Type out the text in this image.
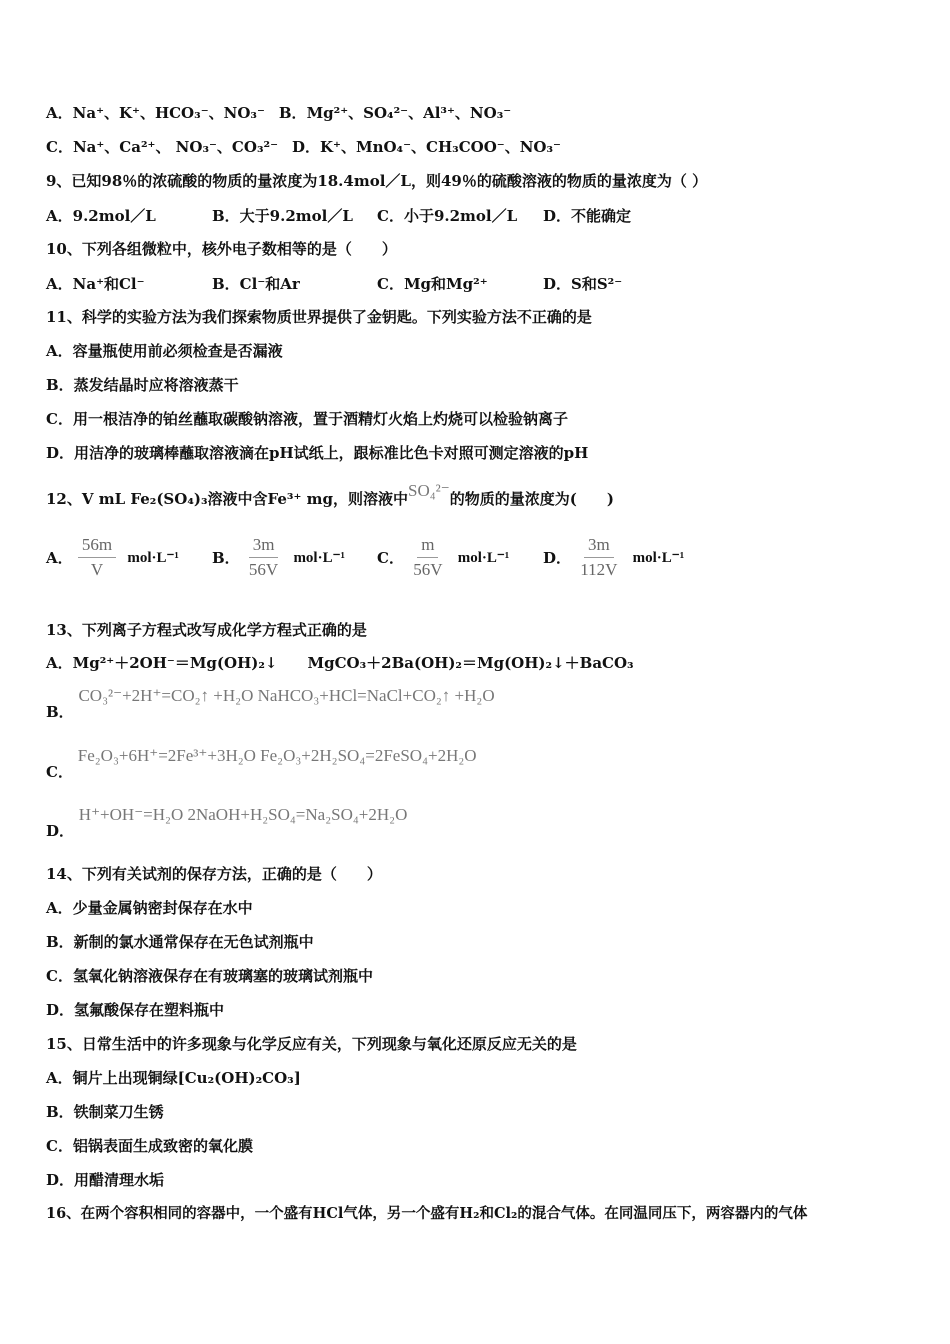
A．Na⁺、K⁺、HCO₃⁻、NO₃⁻ B．Mg²⁺、SO₄²⁻、Al³⁺、NO₃⁻
C．Na⁺、Ca²⁺、 NO₃⁻、CO₃²⁻ D．K⁺、MnO₄⁻、CH₃COO⁻、NO₃⁻
9、已知98％的浓硫酸的物质的量浓度为18.4mol／L，则49％的硫酸溶液的物质的量浓度为（ ）
A．9.2mol／L	B．大于9.2mol／L C．小于9.2mol／L D．不能确定
10、下列各组微粒中，核外电子数相等的是（　　）
A．Na⁺和Cl⁻	B．Cl⁻和Ar	C．Mg和Mg²⁺	D．S和S²⁻
11、科学的实验方法为我们探索物质世界提供了金钥匙。下列实验方法不正确的是
A．容量瓶使用前必须检查是否漏液
B．蒸发结晶时应将溶液蒸干
C．用一根洁净的铂丝蘸取碳酸钠溶液，置于酒精灯火焰上灼烧可以检验钠离子
D．用洁净的玻璃棒蘸取溶液滴在pH试纸上，跟标准比色卡对照可测定溶液的pH
12、V mL Fe₂(SO₄)₃溶液中含Fe³⁺ mg，则溶液中SO₄²⁻的物质的量浓度为(　　)
A． $\frac{56m}{V} mol\cdot L^{-1}$ B． $\frac{3m}{56V} mol\cdot L^{-1}$ C． $\frac{m}{56V} mol\cdot L^{-1}$ D． $\frac{3m}{112V} mol\cdot L^{-1}$
13、下列离子方程式改写成化学方程式正确的是
A．Mg²⁺＋2OH⁻＝Mg(OH)₂↓　　MgCO₃＋2Ba(OH)₂＝Mg(OH)₂↓＋BaCO₃
B． CO₃²⁻+2H⁺=CO₂↑ +H₂O NaHCO₃+HCl=NaCl+CO₂↑ +H₂O
C． Fe₂O₃+6H⁺=2Fe³⁺+3H₂O Fe₂O₃+2H₂SO₄=2FeSO₄+2H₂O
D． H⁺+OH⁻=H₂O 2NaOH+H₂SO₄=Na₂SO₄+2H₂O
14、下列有关试剂的保存方法，正确的是（　　）
A．少量金属钠密封保存在水中
B．新制的氯水通常保存在无色试剂瓶中
C．氢氧化钠溶液保存在有玻璃塞的玻璃试剂瓶中
D．氢氟酸保存在塑料瓶中
15、日常生活中的许多现象与化学反应有关，下列现象与氧化还原反应无关的是
A．铜片上出现铜绿[Cu₂(OH)₂CO₃]
B．铁制菜刀生锈
C．铝锅表面生成致密的氧化膜
D．用醋清理水垢
16、在两个容积相同的容器中，一个盛有HCl气体，另一个盛有H₂和Cl₂的混合气体。在同温同压下，两容器内的气体
